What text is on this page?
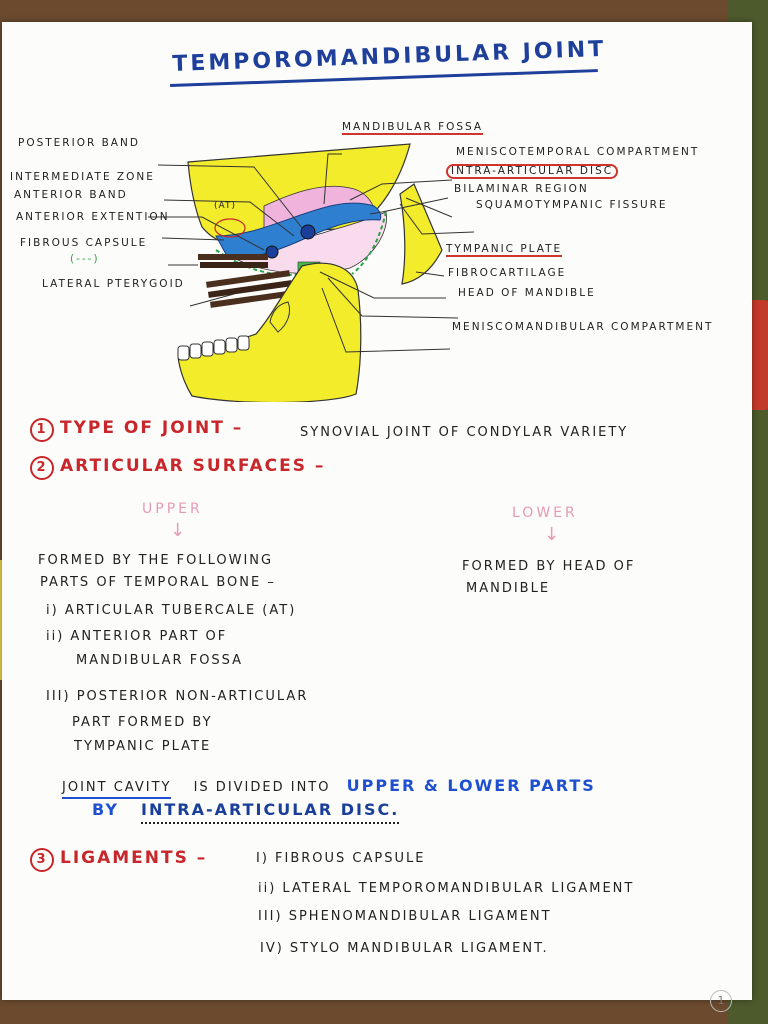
TEMPOROMANDIBULAR JOINT
POSTERIOR BAND
INTERMEDIATE ZONE
ANTERIOR BAND
ANTERIOR EXTENTION
FIBROUS CAPSULE
(---)
LATERAL PTERYGOID
(AT)
MANDIBULAR FOSSA
MENISCOTEMPORAL COMPARTMENT
INTRA-ARTICULAR DISC
BILAMINAR REGION
SQUAMOTYMPANIC FISSURE
TYMPANIC PLATE
FIBROCARTILAGE
HEAD OF MANDIBLE
MENISCOMANDIBULAR COMPARTMENT
1 TYPE OF JOINT –	SYNOVIAL JOINT OF CONDYLAR VARIETY
2 ARTICULAR SURFACES –
UPPER
↓
LOWER
↓
FORMED BY THE FOLLOWING
PARTS OF TEMPORAL BONE –
i) ARTICULAR TUBERCALE (AT)
ii) ANTERIOR PART OF
MANDIBULAR FOSSA
III) POSTERIOR NON-ARTICULAR
PART FORMED BY
TYMPANIC PLATE
FORMED BY HEAD OF
MANDIBLE
JOINT CAVITY IS DIVIDED INTO UPPER & LOWER PARTS
BY INTRA-ARTICULAR DISC.
3 LIGAMENTS –	I) FIBROUS CAPSULE
ii) LATERAL TEMPOROMANDIBULAR LIGAMENT
III) SPHENOMANDIBULAR LIGAMENT
IV) STYLO MANDIBULAR LIGAMENT.
1
